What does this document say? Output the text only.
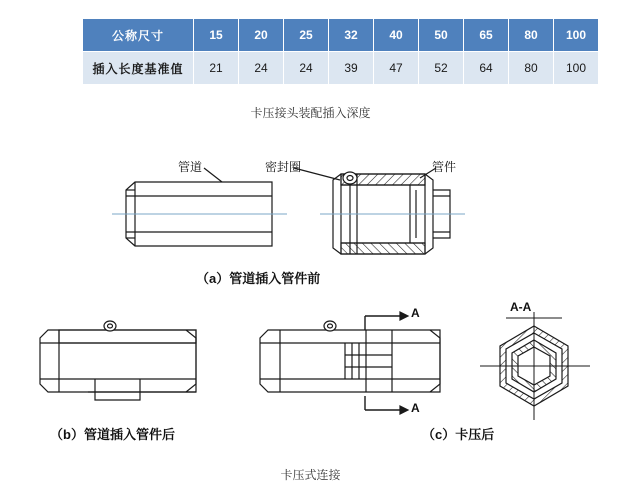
公称尺寸	15	20	25	32	40	50	65	80	100
插入长度基准值	21	24	24	39	47	52	64	80	100
卡压接头装配插入深度
管道	密封圈	管件
A
A
A-A
（a）管道插入管件前
（b）管道插入管件后	（c）卡压后
卡压式连接
